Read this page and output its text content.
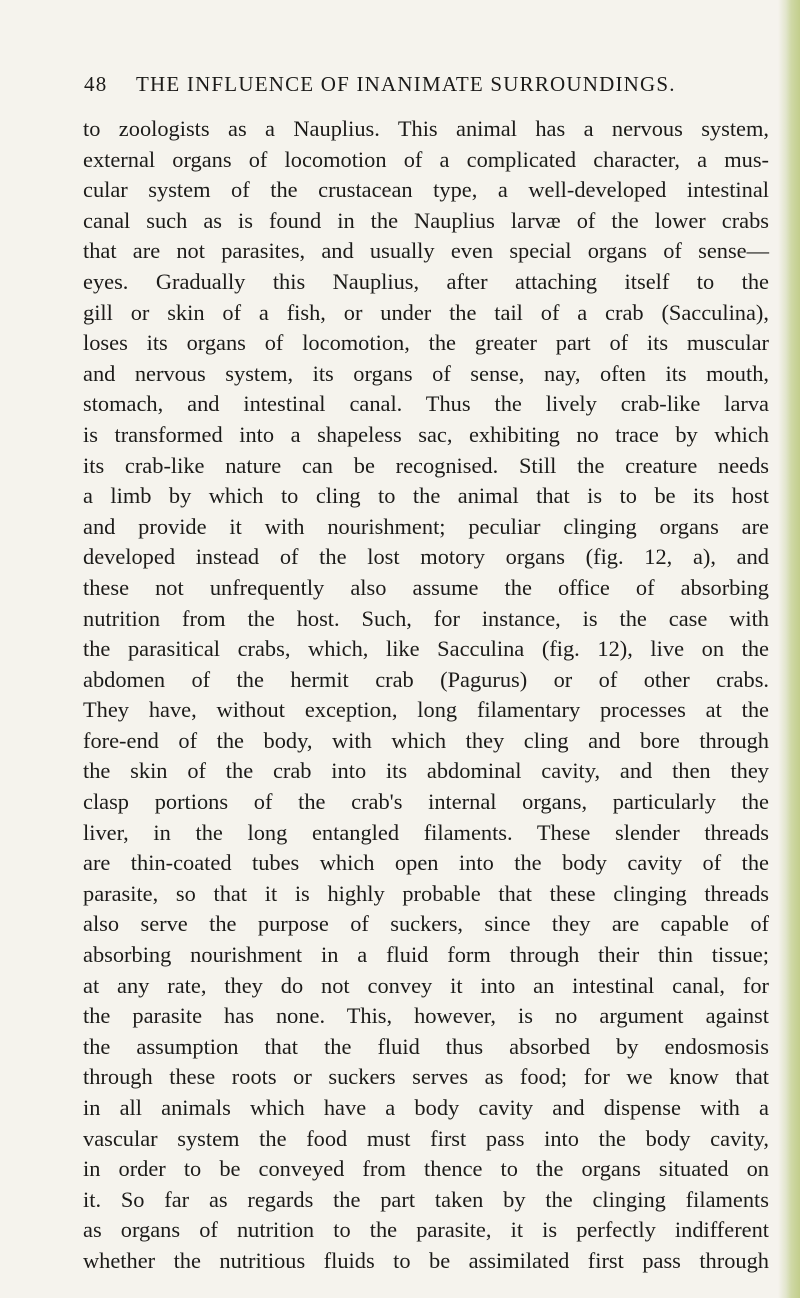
48 THE INFLUENCE OF INANIMATE SURROUNDINGS.
to zoologists as a Nauplius. This animal has a nervous system,
external organs of locomotion of a complicated character, a mus-
cular system of the crustacean type, a well-developed intestinal
canal such as is found in the Nauplius larvæ of the lower crabs
that are not parasites, and usually even special organs of sense—
eyes. Gradually this Nauplius, after attaching itself to the
gill or skin of a fish, or under the tail of a crab (Sacculina),
loses its organs of locomotion, the greater part of its muscular
and nervous system, its organs of sense, nay, often its mouth,
stomach, and intestinal canal. Thus the lively crab-like larva
is transformed into a shapeless sac, exhibiting no trace by which
its crab-like nature can be recognised. Still the creature needs
a limb by which to cling to the animal that is to be its host
and provide it with nourishment; peculiar clinging organs are
developed instead of the lost motory organs (fig. 12, a), and
these not unfrequently also assume the office of absorbing
nutrition from the host. Such, for instance, is the case with
the parasitical crabs, which, like Sacculina (fig. 12), live on the
abdomen of the hermit crab (Pagurus) or of other crabs.
They have, without exception, long filamentary processes at the
fore-end of the body, with which they cling and bore through
the skin of the crab into its abdominal cavity, and then they
clasp portions of the crab's internal organs, particularly the
liver, in the long entangled filaments. These slender threads
are thin-coated tubes which open into the body cavity of the
parasite, so that it is highly probable that these clinging threads
also serve the purpose of suckers, since they are capable of
absorbing nourishment in a fluid form through their thin tissue;
at any rate, they do not convey it into an intestinal canal, for
the parasite has none. This, however, is no argument against
the assumption that the fluid thus absorbed by endosmosis
through these roots or suckers serves as food; for we know that
in all animals which have a body cavity and dispense with a
vascular system the food must first pass into the body cavity,
in order to be conveyed from thence to the organs situated on
it. So far as regards the part taken by the clinging filaments
as organs of nutrition to the parasite, it is perfectly indifferent
whether the nutritious fluids to be assimilated first pass through
